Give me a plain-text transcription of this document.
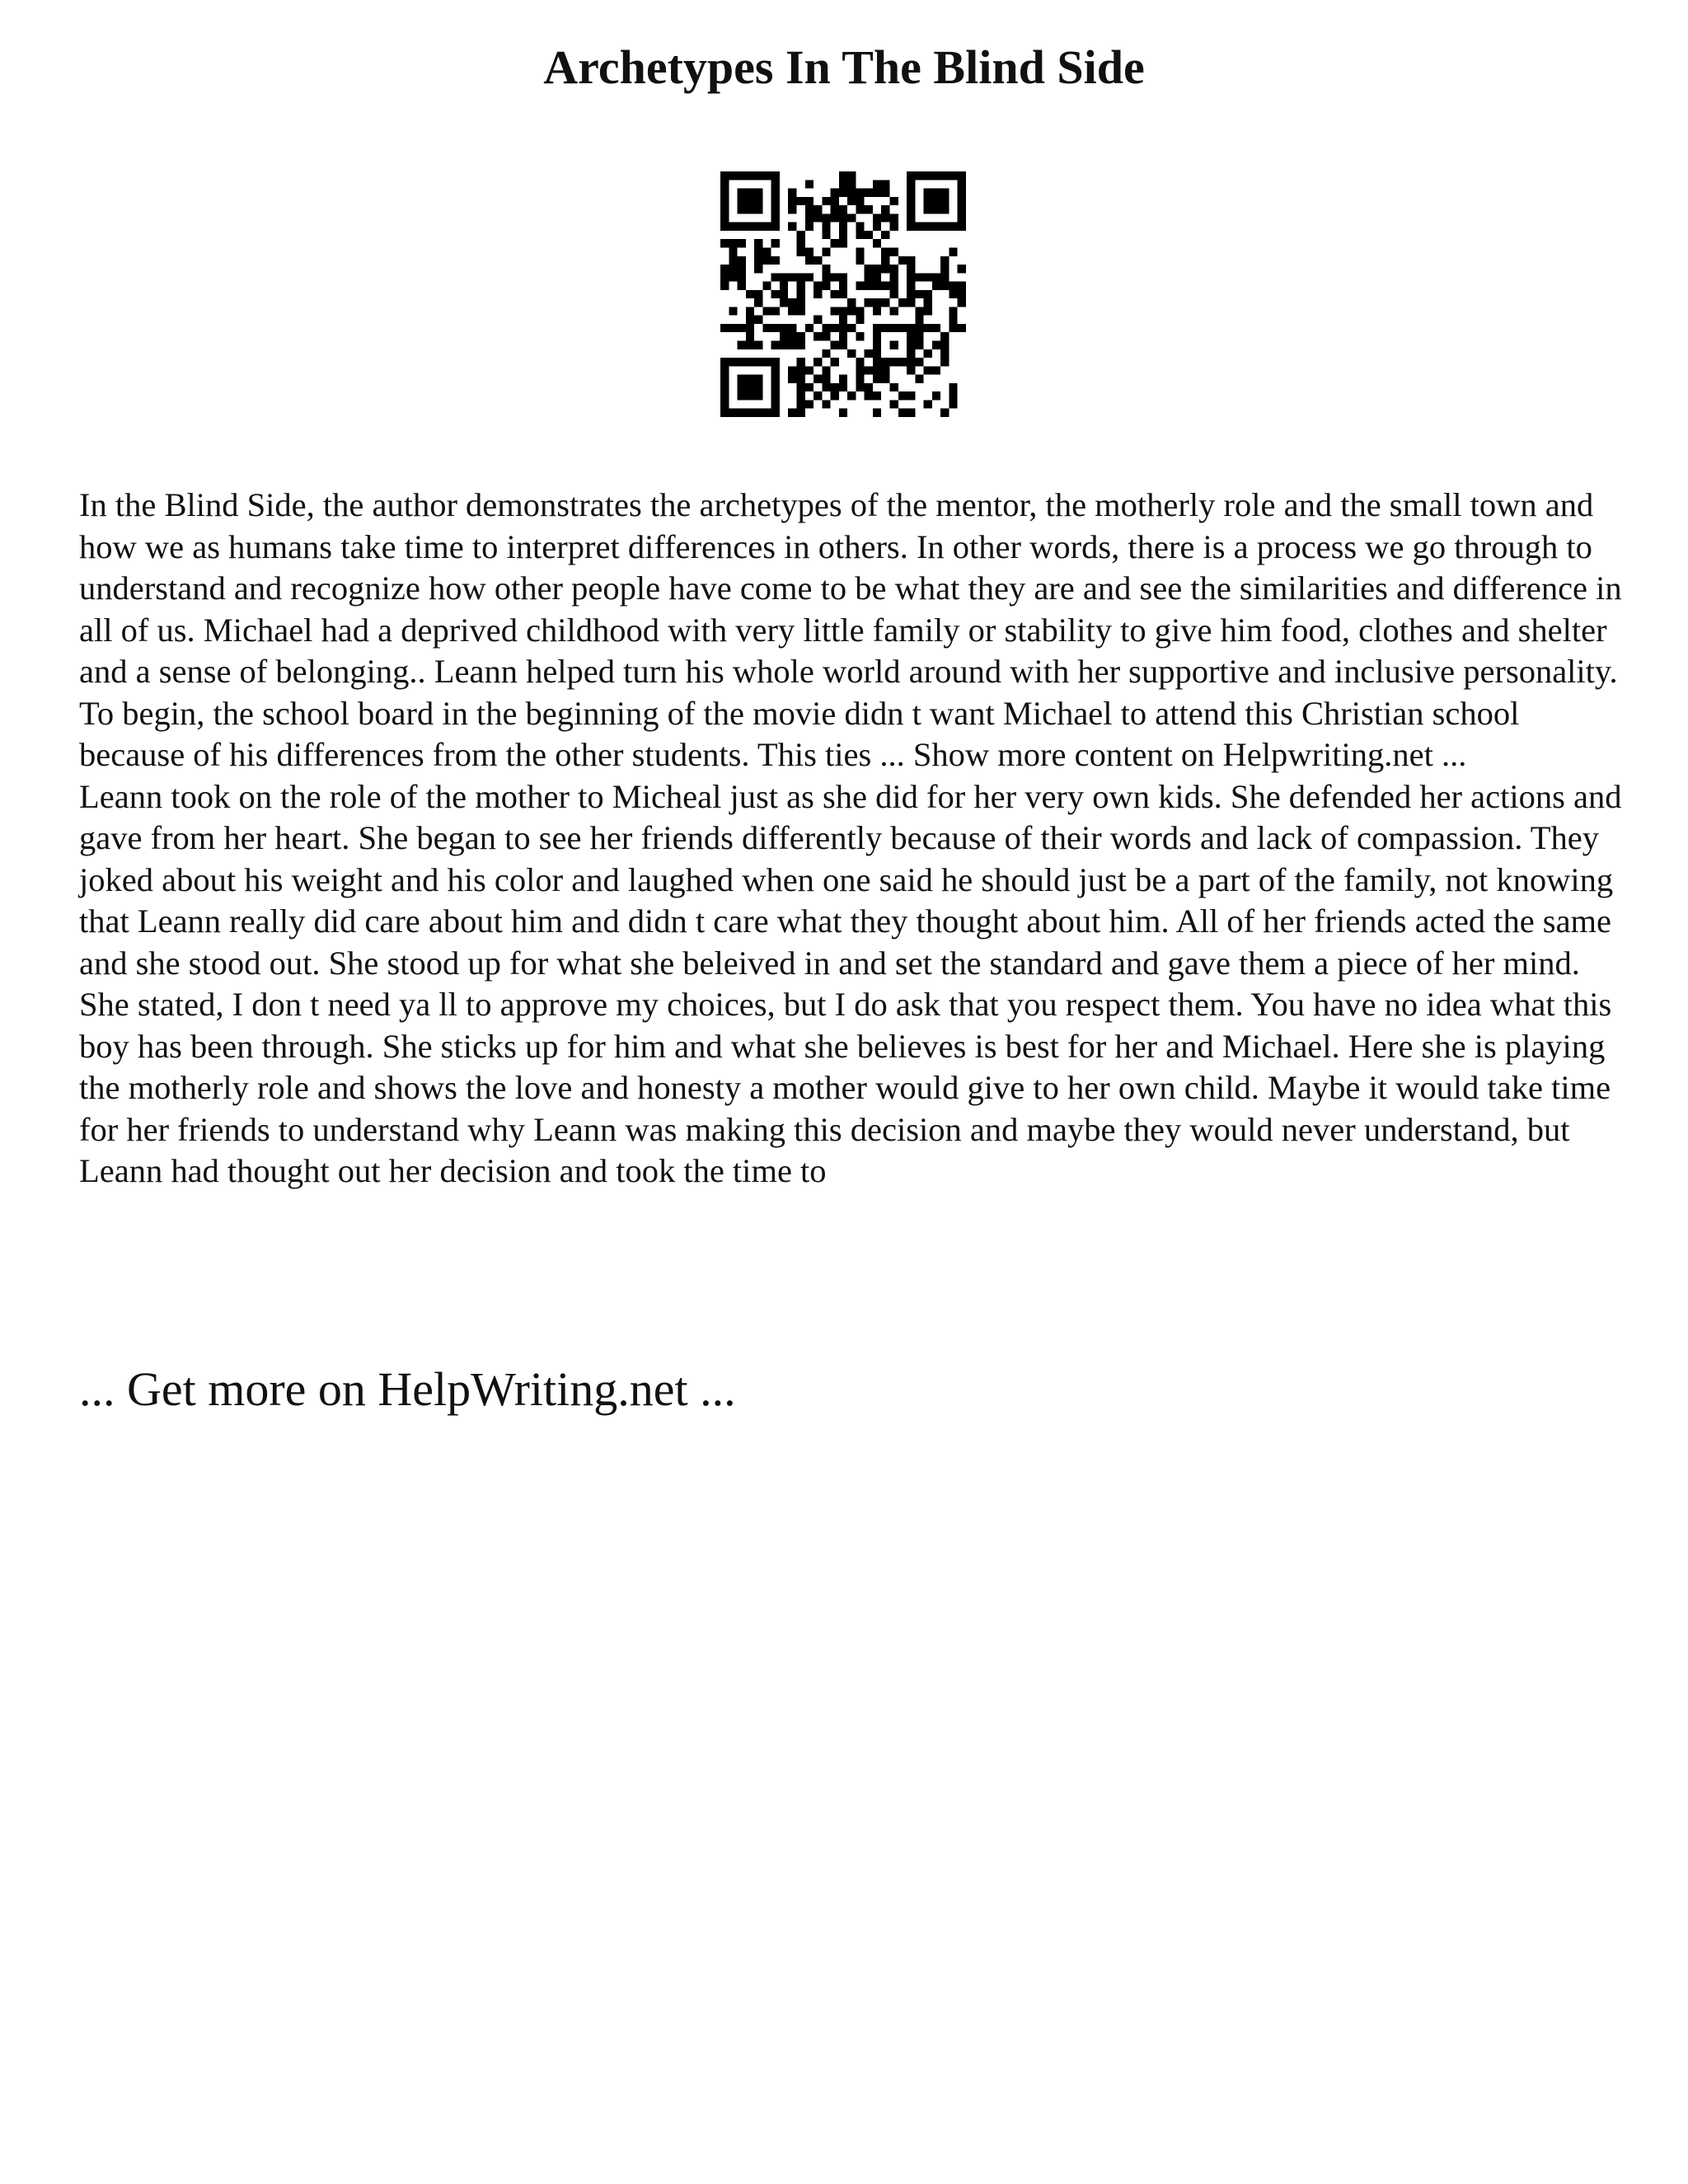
Archetypes In The Blind Side

In the Blind Side, the author demonstrates the archetypes of the mentor, the motherly role and the small town and how we as humans take time to interpret differences in others. In other words, there is a process we go through to understand and recognize how other people have come to be what they are and see the similarities and difference in all of us. Michael had a deprived childhood with very little family or stability to give him food, clothes and shelter and a sense of belonging.. Leann helped turn his whole world around with her supportive and inclusive personality. To begin, the school board in the beginning of the movie didn t want Michael to attend this Christian school because of his differences from the other students. This ties ... Show more content on Helpwriting.net ...

Leann took on the role of the mother to Micheal just as she did for her very own kids. She defended her actions and gave from her heart. She began to see her friends differently because of their words and lack of compassion. They joked about his weight and his color and laughed when one said he should just be a part of the family, not knowing that Leann really did care about him and didn t care what they thought about him. All of her friends acted the same and she stood out. She stood up for what she beleived in and set the standard and gave them a piece of her mind. She stated, I don t need ya ll to approve my choices, but I do ask that you respect them. You have no idea what this boy has been through. She sticks up for him and what she believes is best for her and Michael. Here she is playing the motherly role and shows the love and honesty a mother would give to her own child. Maybe it would take time for her friends to understand why Leann was making this decision and maybe they would never understand, but Leann had thought out her decision and took the time to

... Get more on HelpWriting.net ...
